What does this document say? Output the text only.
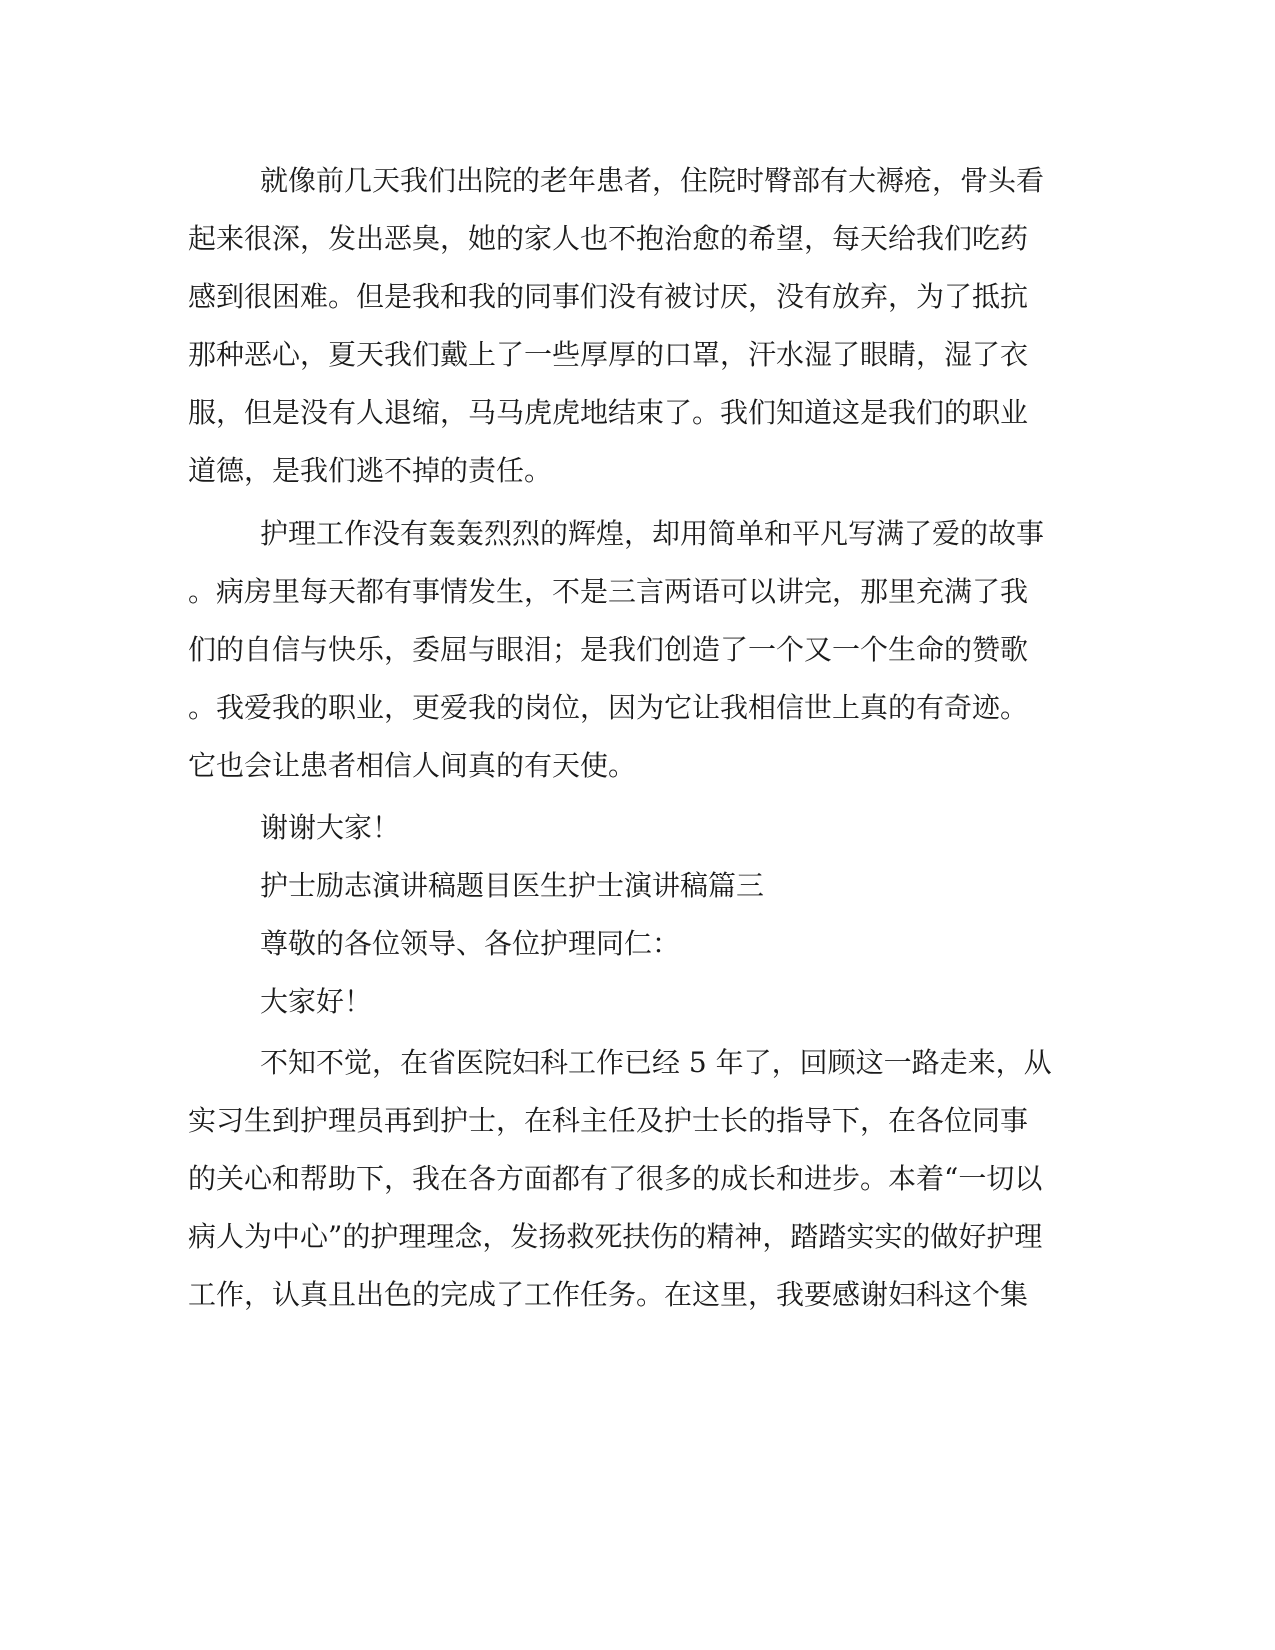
就像前几天我们出院的老年患者，住院时臀部有大褥疮，骨头看
起来很深，发出恶臭，她的家人也不抱治愈的希望，每天给我们吃药
感到很困难。但是我和我的同事们没有被讨厌，没有放弃，为了抵抗
那种恶心，夏天我们戴上了一些厚厚的口罩，汗水湿了眼睛，湿了衣
服，但是没有人退缩，马马虎虎地结束了。我们知道这是我们的职业
道德，是我们逃不掉的责任。
护理工作没有轰轰烈烈的辉煌，却用简单和平凡写满了爱的故事
。病房里每天都有事情发生，不是三言两语可以讲完，那里充满了我
们的自信与快乐，委屈与眼泪；是我们创造了一个又一个生命的赞歌
。我爱我的职业，更爱我的岗位，因为它让我相信世上真的有奇迹。
它也会让患者相信人间真的有天使。
谢谢大家！
护士励志演讲稿题目医生护士演讲稿篇三
尊敬的各位领导、各位护理同仁：
大家好！
不知不觉，在省医院妇科工作已经 5 年了，回顾这一路走来，从
实习生到护理员再到护士，在科主任及护士长的指导下，在各位同事
的关心和帮助下，我在各方面都有了很多的成长和进步。本着“一切以
病人为中心”的护理理念，发扬救死扶伤的精神，踏踏实实的做好护理
工作，认真且出色的完成了工作任务。在这里，我要感谢妇科这个集
